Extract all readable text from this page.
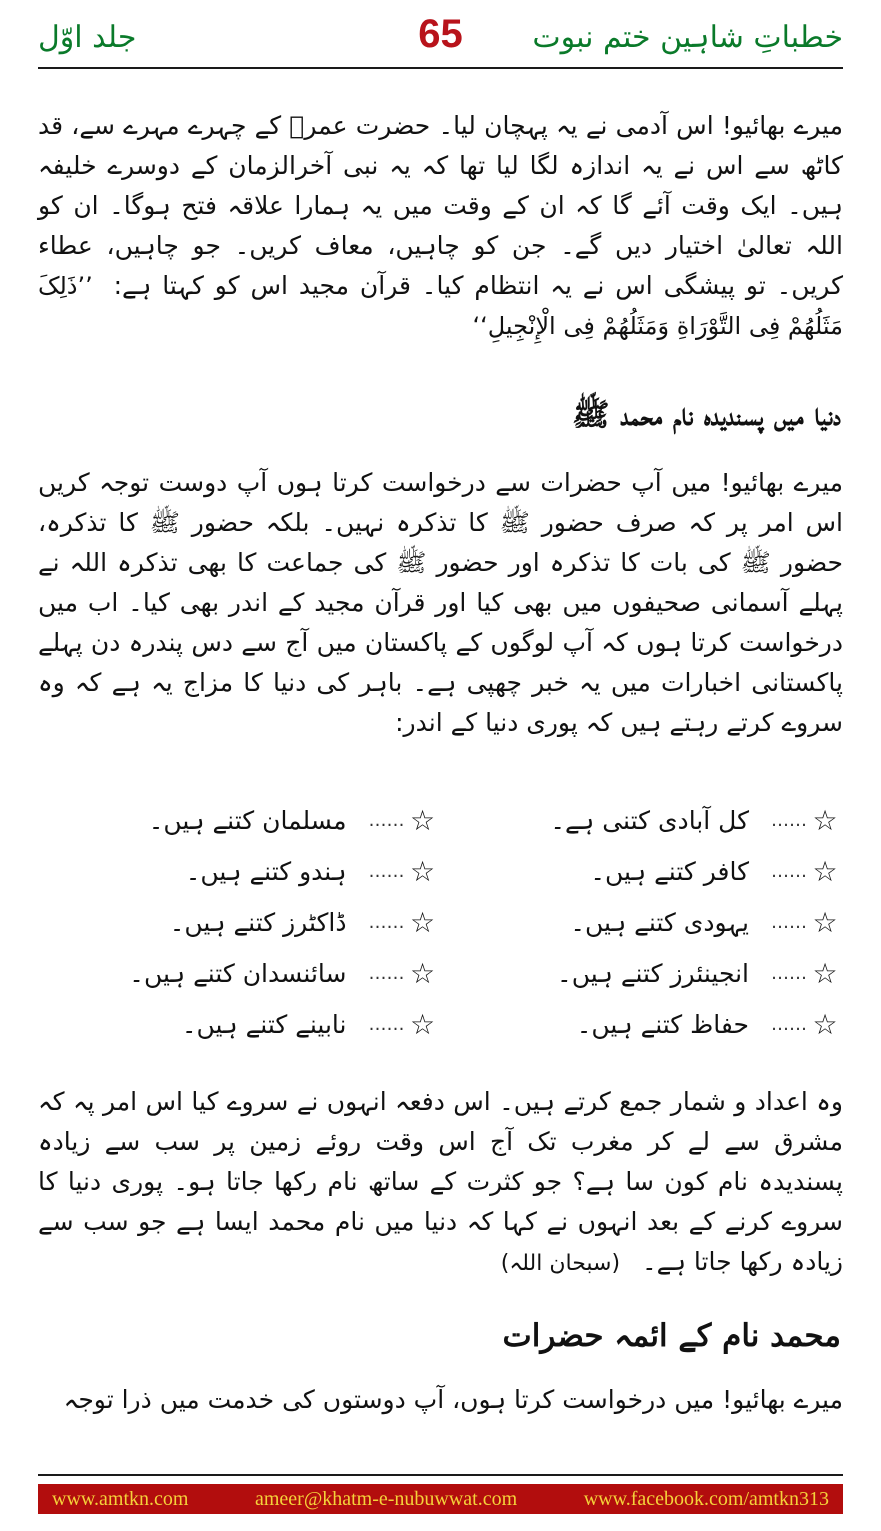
خطباتِ شاہین ختم نبوت
65
جلد اوّل
میرے بھائیو! اس آدمی نے یہ پہچان لیا۔ حضرت عمرؓ کے چہرے مہرے سے، قد کاٹھ سے اس نے یہ اندازہ لگا لیا تھا کہ یہ نبی آخرالزمان کے دوسرے خلیفہ ہیں۔ ایک وقت آئے گا کہ ان کے وقت میں یہ ہمارا علاقہ فتح ہوگا۔ ان کو اللہ تعالیٰ اختیار دیں گے۔ جن کو چاہیں، معاف کریں۔ جو چاہیں، عطاء کریں۔ تو پیشگی اس نے یہ انتظام کیا۔ قرآن مجید اس کو کہتا ہے: ’’ذَلِکَ مَثَلُهُمْ فِی التَّوْرَاةِ وَمَثَلُهُمْ فِی الْإِنْجِیلِ‘‘
دنیا میں پسندیدہ نام محمد ﷺ
میرے بھائیو! میں آپ حضرات سے درخواست کرتا ہوں آپ دوست توجہ کریں اس امر پر کہ صرف حضور ﷺ کا تذکرہ نہیں۔ بلکہ حضور ﷺ کا تذکرہ، حضور ﷺ کی بات کا تذکرہ اور حضور ﷺ کی جماعت کا بھی تذکرہ اللہ نے پہلے آسمانی صحیفوں میں بھی کیا اور قرآن مجید کے اندر بھی کیا۔ اب میں درخواست کرتا ہوں کہ آپ لوگوں کے پاکستان میں آج سے دس پندرہ دن پہلے پاکستانی اخبارات میں یہ خبر چھپی ہے۔ باہر کی دنیا کا مزاج یہ ہے کہ وہ سروے کرتے رہتے ہیں کہ پوری دنیا کے اندر:
☆
……
کل آبادی کتنی ہے۔
☆
……
مسلمان کتنے ہیں۔
☆
……
کافر کتنے ہیں۔
☆
……
ہندو کتنے ہیں۔
☆
……
یہودی کتنے ہیں۔
☆
……
ڈاکٹرز کتنے ہیں۔
☆
……
انجینئرز کتنے ہیں۔
☆
……
سائنسدان کتنے ہیں۔
☆
……
حفاظ کتنے ہیں۔
☆
……
نابینے کتنے ہیں۔
وہ اعداد و شمار جمع کرتے ہیں۔ اس دفعہ انہوں نے سروے کیا اس امر پہ کہ مشرق سے لے کر مغرب تک آج اس وقت روئے زمین پر سب سے زیادہ پسندیدہ نام کون سا ہے؟ جو کثرت کے ساتھ نام رکھا جاتا ہو۔ پوری دنیا کا سروے کرنے کے بعد انہوں نے کہا کہ دنیا میں نام محمد ایسا ہے جو سب سے زیادہ رکھا جاتا ہے۔ (سبحان اللہ)
محمد نام کے ائمہ حضرات
میرے بھائیو! میں درخواست کرتا ہوں، آپ دوستوں کی خدمت میں ذرا توجہ
www.amtkn.com	ameer@khatm-e-nubuwwat.com	www.facebook.com/amtkn313
